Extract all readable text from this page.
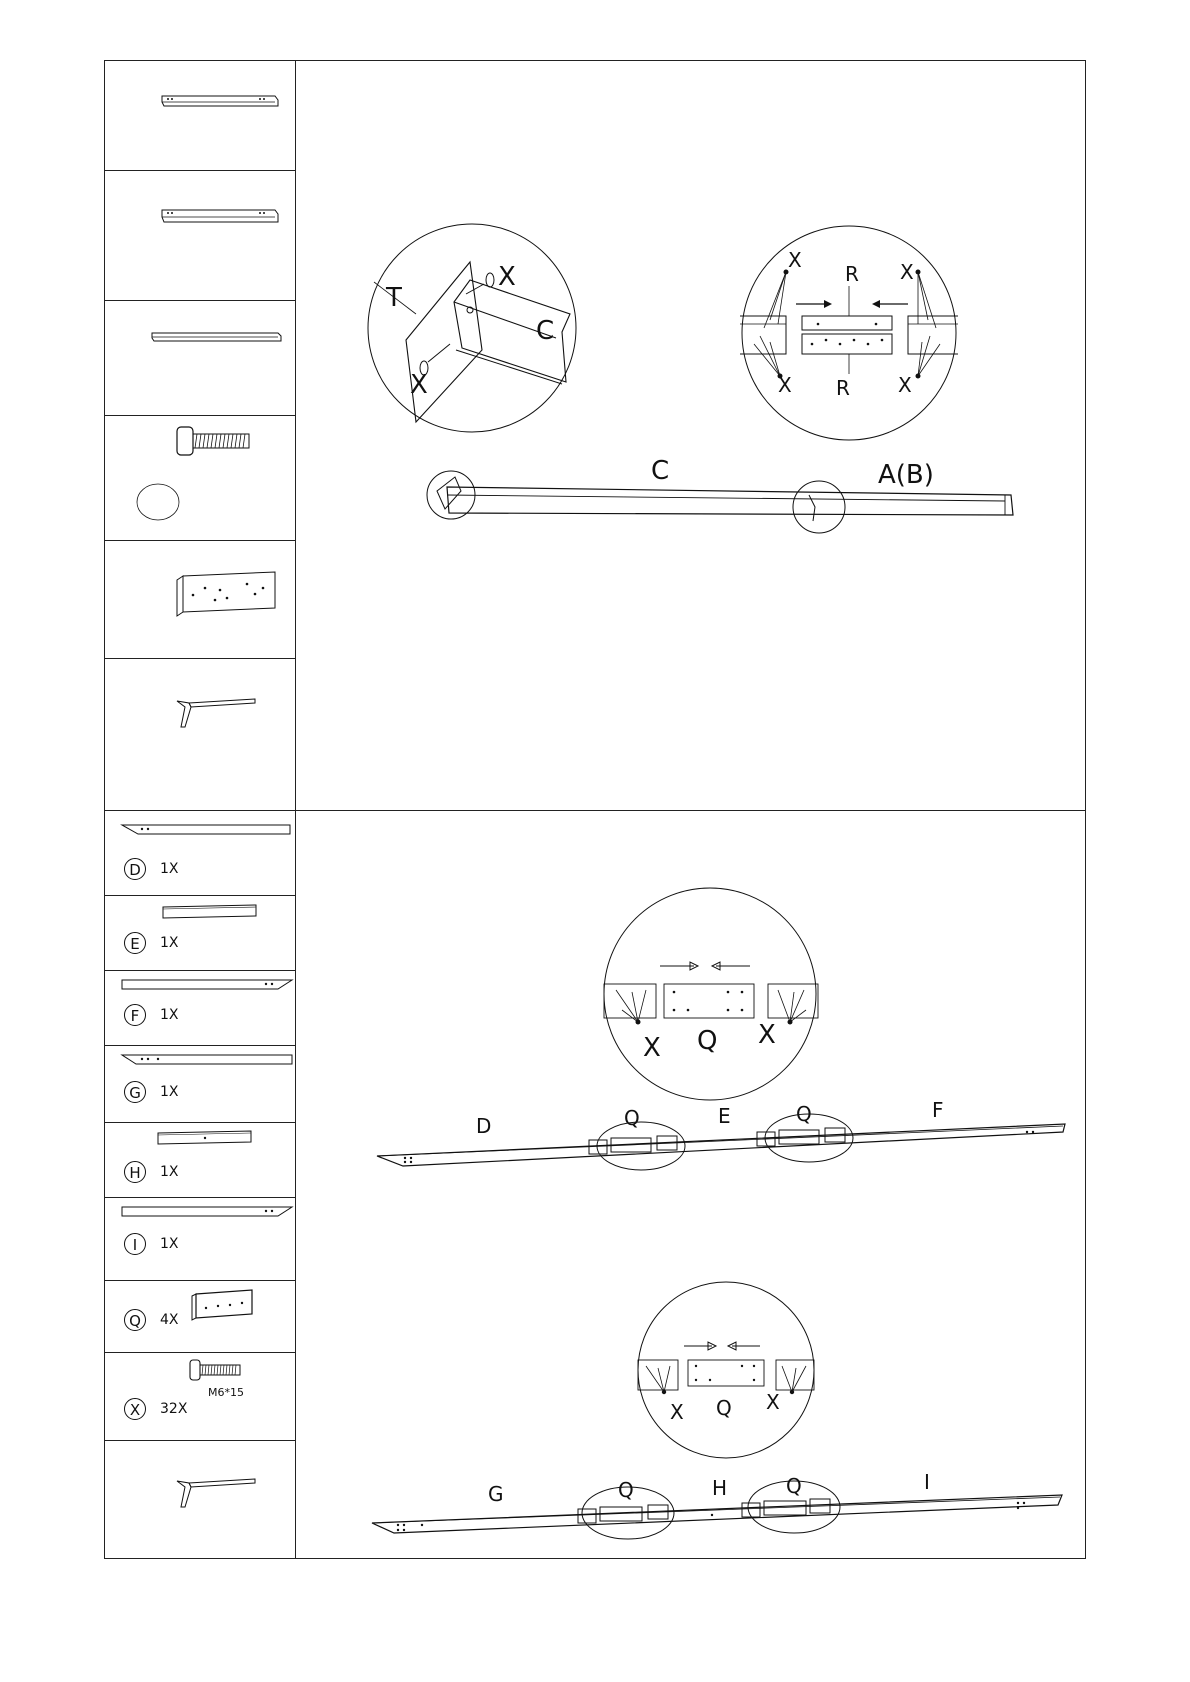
D	1X
E	1X
F	1X
G	1X
H	1X
I	1X
Q	4X
M6*15
X	32X
T
X
C
X
X
R X
X R X
C	A(B)
X Q X
D	Q	E	Q	F
X Q X
G	Q	H	Q	I
